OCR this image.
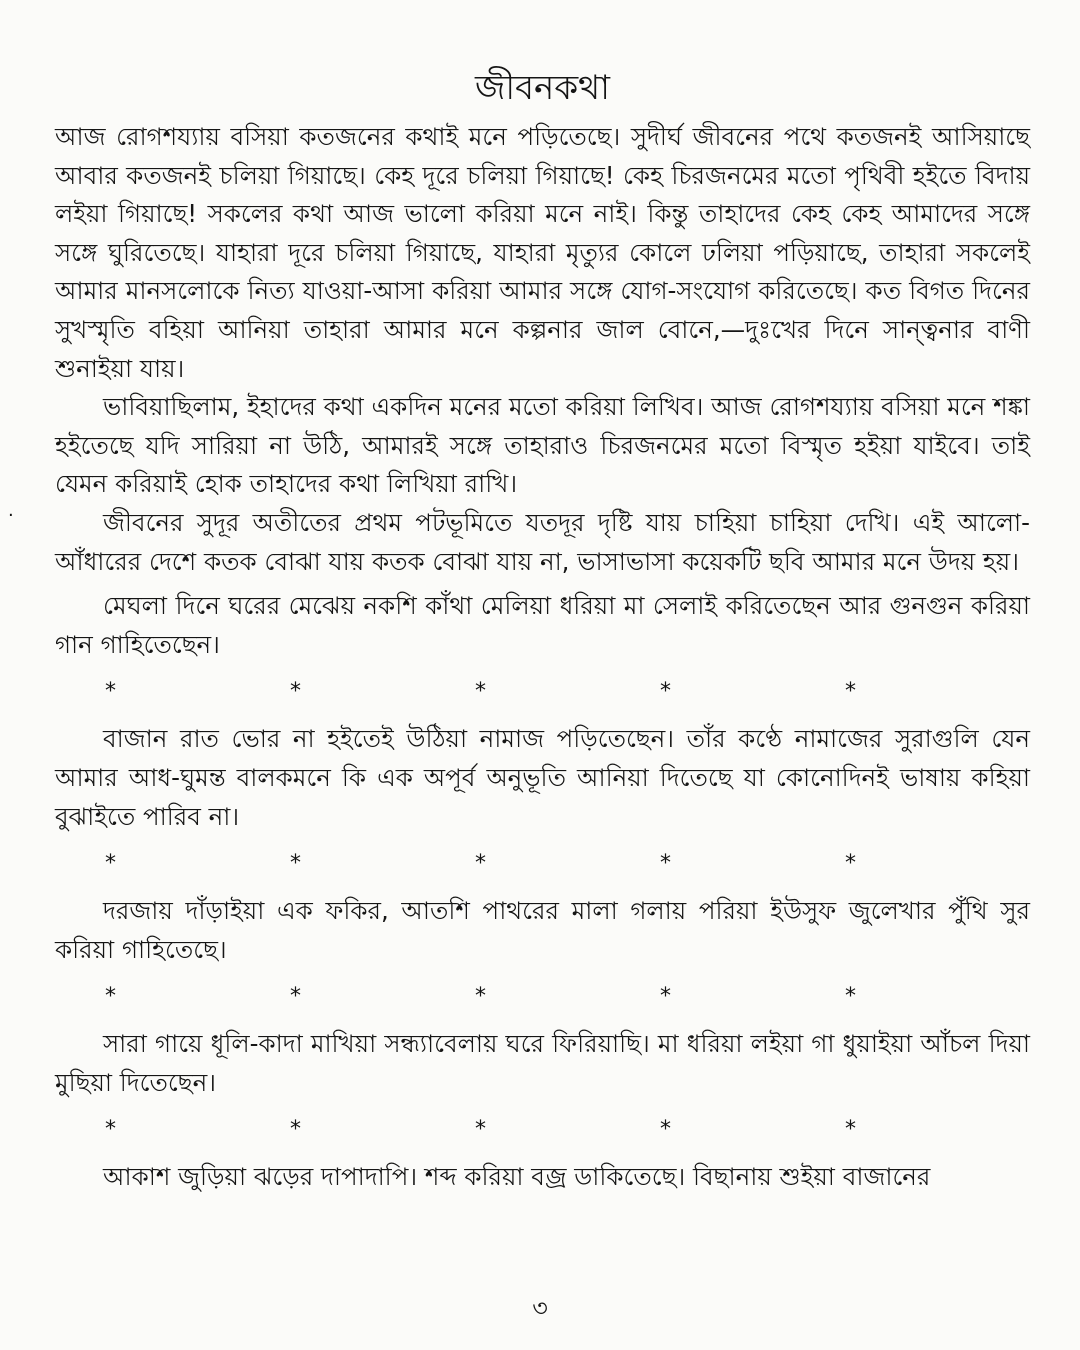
·
জীবনকথা

আজ রোগশয্যায় বসিয়া কতজনের কথাই মনে পড়িতেছে। সুদীর্ঘ জীবনের পথে কতজনই আসিয়াছে আবার কতজনই চলিয়া গিয়াছে। কেহ দূরে চলিয়া গিয়াছে! কেহ চিরজনমের মতো পৃথিবী হইতে বিদায় লইয়া গিয়াছে! সকলের কথা আজ ভালো করিয়া মনে নাই। কিন্তু তাহাদের কেহ কেহ আমাদের সঙ্গে সঙ্গে ঘুরিতেছে। যাহারা দূরে চলিয়া গিয়াছে, যাহারা মৃত্যুর কোলে ঢলিয়া পড়িয়াছে, তাহারা সকলেই আমার মানসলোকে নিত্য যাওয়া-আসা করিয়া আমার সঙ্গে যোগ-সংযোগ করিতেছে। কত বিগত দিনের সুখস্মৃতি বহিয়া আনিয়া তাহারা আমার মনে কল্পনার জাল বোনে,—দুঃখের দিনে সান্ত্বনার বাণী শুনাইয়া যায়।

ভাবিয়াছিলাম, ইহাদের কথা একদিন মনের মতো করিয়া লিখিব। আজ রোগশয্যায় বসিয়া মনে শঙ্কা হইতেছে যদি সারিয়া না উঠি, আমারই সঙ্গে তাহারাও চিরজনমের মতো বিস্মৃত হইয়া যাইবে। তাই যেমন করিয়াই হোক তাহাদের কথা লিখিয়া রাখি।

জীবনের সুদূর অতীতের প্রথম পটভূমিতে যতদূর দৃষ্টি যায় চাহিয়া চাহিয়া দেখি। এই আলো-আঁধারের দেশে কতক বোঝা যায় কতক বোঝা যায় না, ভাসাভাসা কয়েকটি ছবি আমার মনে উদয় হয়।

মেঘলা দিনে ঘরের মেঝেয় নকশি কাঁথা মেলিয়া ধরিয়া মা সেলাই করিতেছেন আর গুনগুন করিয়া গান গাহিতেছেন।

*	*	*	*	*

বাজান রাত ভোর না হইতেই উঠিয়া নামাজ পড়িতেছেন। তাঁর কণ্ঠে নামাজের সুরাগুলি যেন আমার আধ-ঘুমন্ত বালকমনে কি এক অপূর্ব অনুভূতি আনিয়া দিতেছে যা কোনোদিনই ভাষায় কহিয়া বুঝাইতে পারিব না।

*	*	*	*	*

দরজায় দাঁড়াইয়া এক ফকির, আতশি পাথরের মালা গলায় পরিয়া ইউসুফ জুলেখার পুঁথি সুর করিয়া গাহিতেছে।

*	*	*	*	*

সারা গায়ে ধূলি-কাদা মাখিয়া সন্ধ্যাবেলায় ঘরে ফিরিয়াছি। মা ধরিয়া লইয়া গা ধুয়াইয়া আঁচল দিয়া মুছিয়া দিতেছেন।

*	*	*	*	*

আকাশ জুড়িয়া ঝড়ের দাপাদাপি। শব্দ করিয়া বজ্র ডাকিতেছে। বিছানায় শুইয়া বাজানের

৩
